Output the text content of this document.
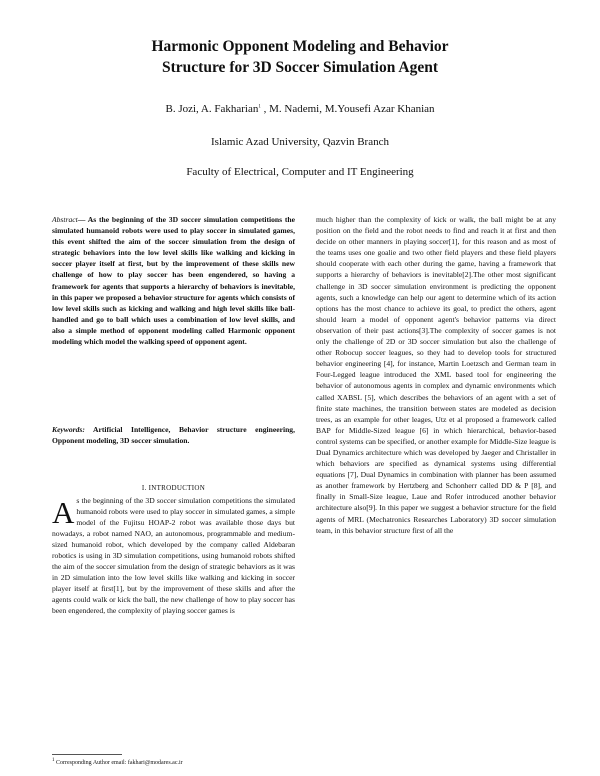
Harmonic Opponent Modeling and Behavior
Structure for 3D Soccer Simulation Agent
B. Jozi, A. Fakharian$^1$ , M. Nademi, M.Yousefi Azar Khanian
Islamic Azad University, Qazvin Branch
Faculty of Electrical, Computer and IT Engineering
Abstract— As the beginning of the 3D soccer simulation competitions the simulated humanoid robots were used to play soccer in simulated games, this event shifted the aim of the soccer simulation from the design of strategic behaviors into the low level skills like walking and kicking in soccer player itself at first, but by the improvement of these skills new challenge of how to play soccer has been engendered, so having a framework for agents that supports a hierarchy of behaviors is inevitable, in this paper we proposed a behavior structure for agents which consists of low level skills such as kicking and walking and high level skills like ball-handled and go to ball which uses a combination of low level skills, and also a simple method of opponent modeling called Harmonic opponent modeling which model the walking speed of opponent agent.
Keywords: Artificial Intelligence, Behavior structure engineering, Opponent modeling, 3D soccer simulation.
I. INTRODUCTION
As the beginning of the 3D soccer simulation competitions the simulated humanoid robots were used to play soccer in simulated games, a simple model of the Fujitsu HOAP-2 robot was available those days but nowadays, a robot named NAO, an autonomous, programmable and medium-sized humanoid robot, which developed by the company called Aldebaran robotics is using in 3D simulation competitions, using humanoid robots shifted the aim of the soccer simulation from the design of strategic behaviors as it was in 2D simulation into the low level skills like walking and kicking in soccer player itself at first[1], but by the improvement of these skills and after the agents could walk or kick the ball, the new challenge of how to play soccer has been engendered, the complexity of playing soccer games is
much higher than the complexity of kick or walk, the ball might be at any position on the field and the robot needs to find and reach it at first and then decide on other manners in playing soccer[1], for this reason and as most of the teams uses one goalie and two other field players and these field players should cooperate with each other during the game, having a framework that supports a hierarchy of behaviors is inevitable[2].The other most significant challenge in 3D soccer simulation environment is predicting the opponent agents, such a knowledge can help our agent to determine which of its action options has the most chance to achieve its goal, to predict the others, agent should learn a model of opponent agent's behavior patterns via direct observation of their past actions[3].The complexity of soccer games is not only the challenge of 2D or 3D soccer simulation but also the challenge of other Robocup soccer leagues, so they had to develop tools for structured behavior engineering [4], for instance, Martin Loetzsch and German team in Four-Legged league introduced the XML based tool for engineering the behavior of autonomous agents in complex and dynamic environments which called XABSL [5], which describes the behaviors of an agent with a set of finite state machines, the transition between states are modeled as decision trees, as an example for other leages, Utz et al proposed a framework called BAP for Middle-Sized league [6] in which hierarchical, behavior-based control systems can be specified, or another example for Middle-Size league is Dual Dynamics architecture which was developed by Jaeger and Christaller in which behaviors are specified as dynamical systems using differential equations [7], Dual Dynamics in combination with planner has been assumed as another framework by Hertzberg and Schonherr called DD & P [8], and finally in Small-Size league, Laue and Rofer introduced another behavior architecture also[9]. In this paper we suggest a behavior structure for the field agents of MRL (Mechatronics Researches Laboratory) 3D soccer simulation team, in this behavior structure first of all the
$^1$ Corresponding Author email: fakhari@modares.ac.ir
